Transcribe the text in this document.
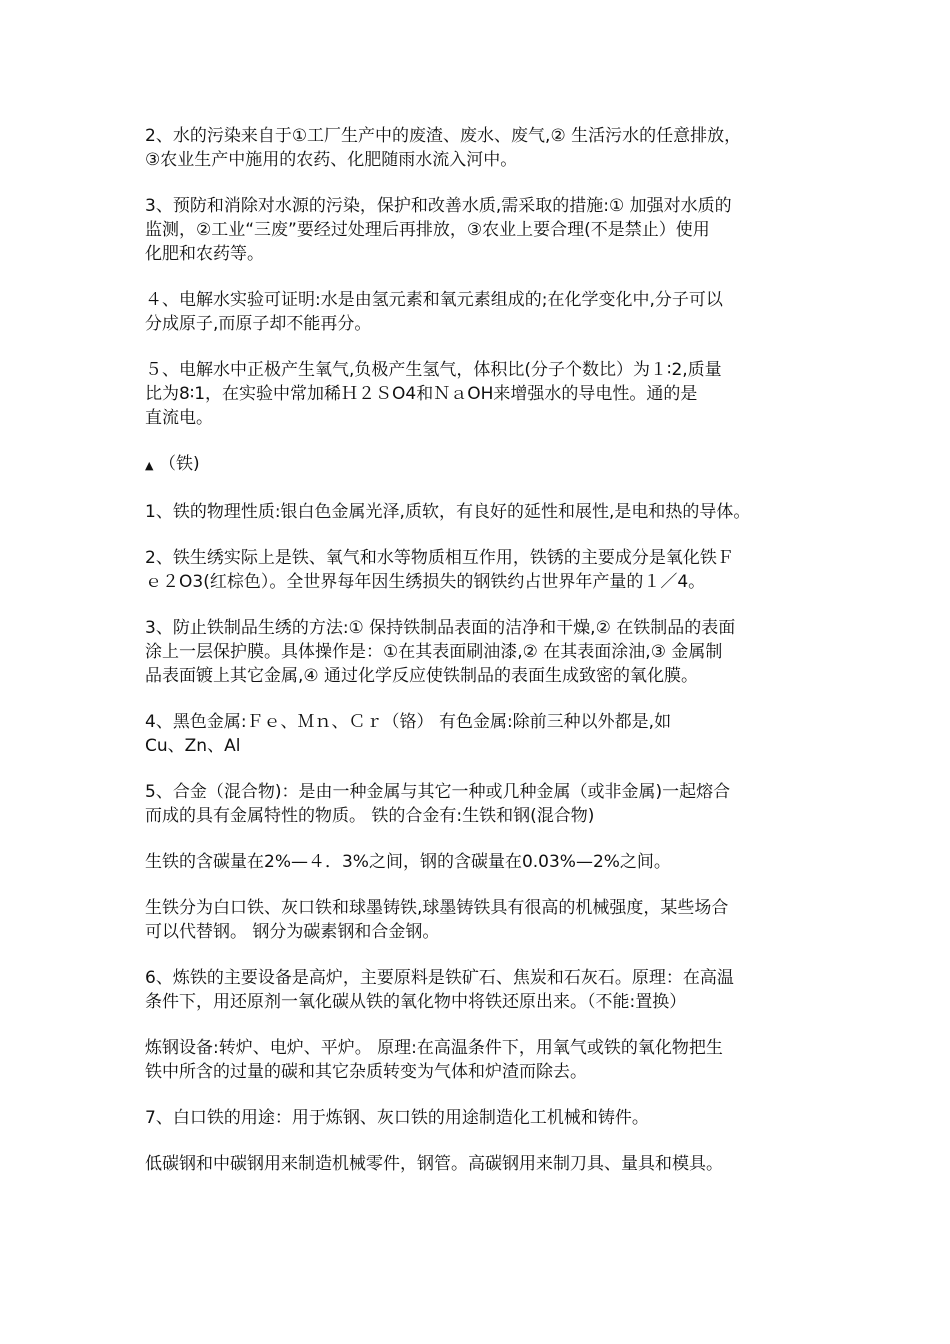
2、水的污染来自于①工厂生产中的废渣、废水、废气,② 生活污水的任意排放，
③农业生产中施用的农药、化肥随雨水流入河中。
3、预防和消除对水源的污染，保护和改善水质,需采取的措施:① 加强对水质的
监测，②工业“三废”要经过处理后再排放，③农业上要合理(不是禁止）使用
化肥和农药等。
４、电解水实验可证明:水是由氢元素和氧元素组成的;在化学变化中,分子可以
分成原子,而原子却不能再分。
５、电解水中正极产生氧气,负极产生氢气，体积比(分子个数比）为１∶2,质量
比为8∶1，在实验中常加稀Ｈ２ＳO4和ＮａOH来增强水的导电性。通的是
直流电。
▲ （铁)
1、铁的物理性质:银白色金属光泽,质软，有良好的延性和展性,是电和热的导体。
2、铁生绣实际上是铁、氧气和水等物质相互作用，铁锈的主要成分是氧化铁Ｆ
ｅ２O3(红棕色）。全世界每年因生绣损失的钢铁约占世界年产量的１／4。
3、防止铁制品生绣的方法:① 保持铁制品表面的洁净和干燥,② 在铁制品的表面
涂上一层保护膜。具体操作是：①在其表面刷油漆,② 在其表面涂油,③ 金属制
品表面镀上其它金属,④ 通过化学反应使铁制品的表面生成致密的氧化膜。
4、黑色金属:Ｆｅ、Ｍｎ、Ｃｒ（铬） 有色金属:除前三种以外都是,如
Cu、Zn、Al
5、合金（混合物)：是由一种金属与其它一种或几种金属（或非金属)一起熔合
而成的具有金属特性的物质。 铁的合金有:生铁和钢(混合物)
生铁的含碳量在2%—４．3%之间，钢的含碳量在0.03%—2%之间。
生铁分为白口铁、灰口铁和球墨铸铁,球墨铸铁具有很高的机械强度，某些场合
可以代替钢。 钢分为碳素钢和合金钢。
6、炼铁的主要设备是高炉，主要原料是铁矿石、焦炭和石灰石。原理：在高温
条件下，用还原剂一氧化碳从铁的氧化物中将铁还原出来。（不能:置换）
炼钢设备:转炉、电炉、平炉。 原理:在高温条件下，用氧气或铁的氧化物把生
铁中所含的过量的碳和其它杂质转变为气体和炉渣而除去。
7、白口铁的用途：用于炼钢、灰口铁的用途制造化工机械和铸件。
低碳钢和中碳钢用来制造机械零件，钢管。高碳钢用来制刀具、量具和模具。
